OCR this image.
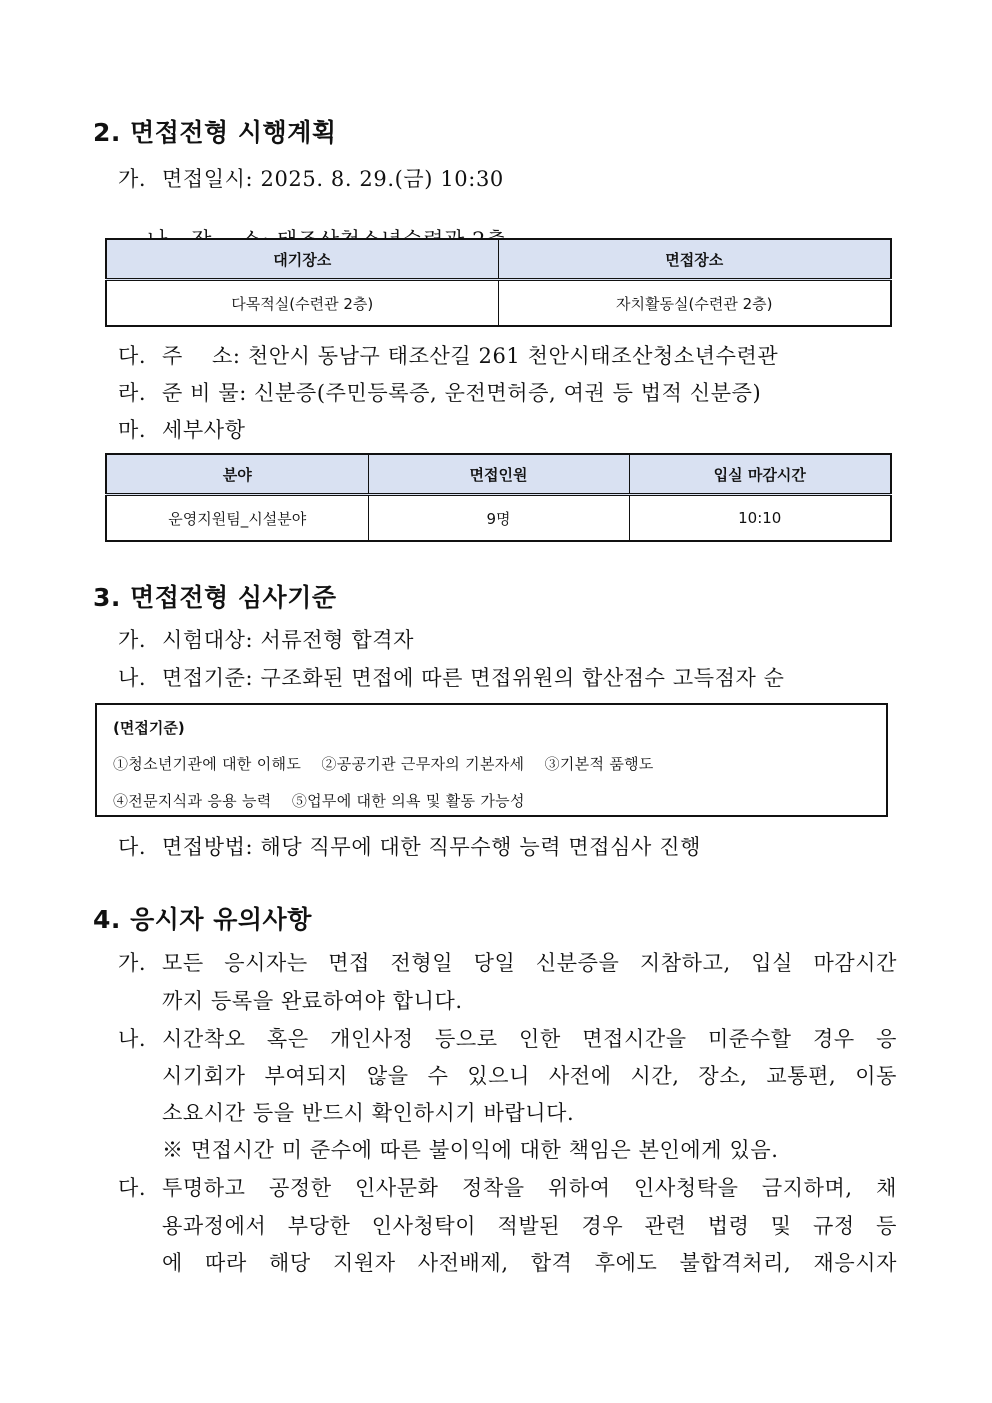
2. 면접전형 시행계획
가. 면접일시: 2025. 8. 29.(금) 10:30

대기장소	면접장소
다목적실(수련관 2층)	자치활동실(수련관 2층)
다. 주    소: 천안시 동남구 태조산길 261 천안시태조산청소년수련관
라. 준 비 물: 신분증(주민등록증, 운전면허증, 여권 등 법적 신분증)
마. 세부사항
분야	면접인원	입실 마감시간
운영지원팀_시설분야	9명	10:10
3. 면접전형 심사기준
가. 시험대상: 서류전형 합격자
나. 면접기준: 구조화된 면접에 따른 면접위원의 합산점수 고득점자 순
(면접기준)
①청소년기관에 대한 이해도    ②공공기관 근무자의 기본자세    ③기본적 품행도
④전문지식과 응용 능력    ⑤업무에 대한 의욕 및 활동 가능성
다. 면접방법: 해당 직무에 대한 직무수행 능력 면접심사 진행
4. 응시자 유의사항
가. 모든 응시자는 면접 전형일 당일 신분증을 지참하고, 입실 마감시간
까지 등록을 완료하여야 합니다.
나. 시간착오 혹은 개인사정 등으로 인한 면접시간을 미준수할 경우 응
시기회가 부여되지 않을 수 있으니 사전에 시간, 장소, 교통편, 이동
소요시간 등을 반드시 확인하시기 바랍니다.
※ 면접시간 미 준수에 따른 불이익에 대한 책임은 본인에게 있음.
다. 투명하고 공정한 인사문화 정착을 위하여 인사청탁을 금지하며, 채
용과정에서 부당한 인사청탁이 적발된 경우 관련 법령 및 규정 등
에 따라 해당 지원자 사전배제, 합격 후에도 불합격처리, 재응시자
